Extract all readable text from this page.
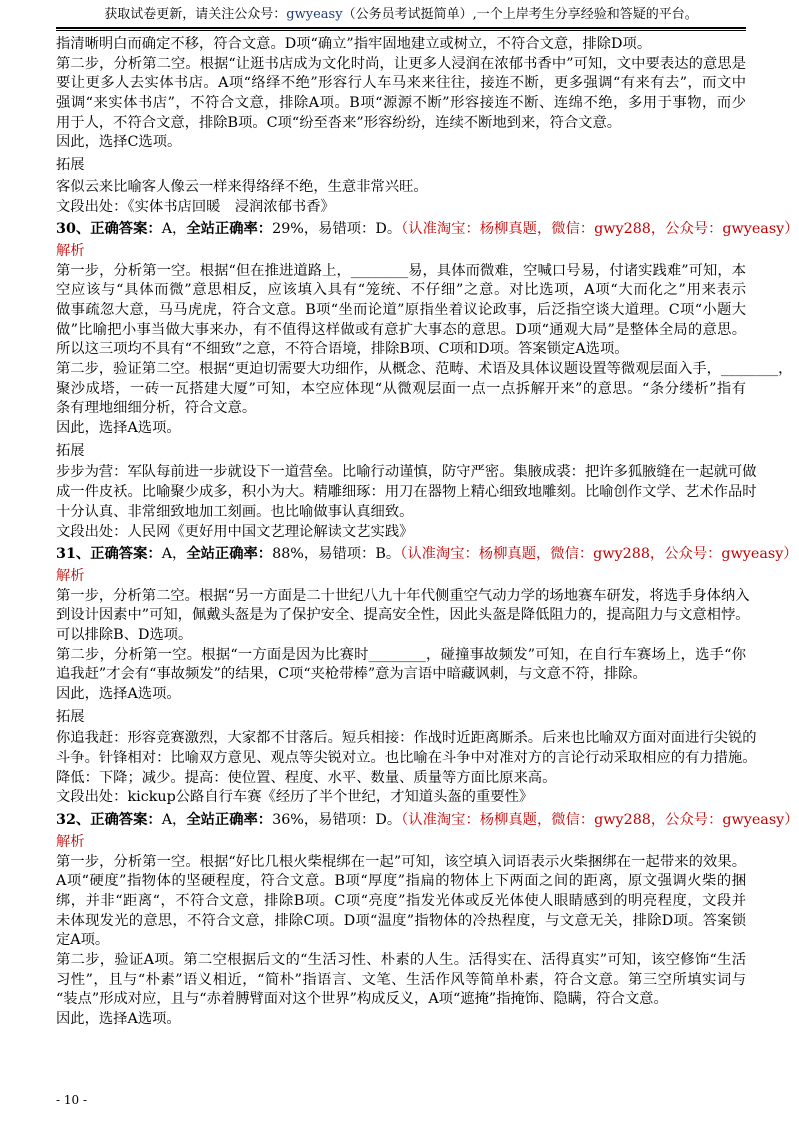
获取试卷更新，请关注公众号：gwyeasy（公务员考试挺简单）,一个上岸考生分享经验和答疑的平台。
指清晰明白而确定不移，符合文意。D项“确立”指牢固地建立或树立，不符合文意，排除D项。
第二步，分析第二空。根据“让逛书店成为文化时尚，让更多人浸润在浓郁书香中”可知，文中要表达的意思是
要让更多人去实体书店。A项“络绎不绝”形容行人车马来来往往，接连不断，更多强调“有来有去”，而文中
强调“来实体书店”，不符合文意，排除A项。B项“源源不断”形容接连不断、连绵不绝，多用于事物，而少
用于人，不符合文意，排除B项。C项“纷至沓来”形容纷纷，连续不断地到来，符合文意。
因此，选择C选项。
拓展
客似云来比喻客人像云一样来得络绎不绝，生意非常兴旺。
文段出处：《实体书店回暖　浸润浓郁书香》
30、正确答案：A，全站正确率：29%，易错项：D。（认准淘宝：杨柳真题，微信：gwy288，公众号：gwyeasy）
解析
第一步，分析第一空。根据“但在推进道路上，________易，具体而微难，空喊口号易，付诸实践难”可知，本
空应该与“具体而微”意思相反，应该填入具有“笼统、不仔细”之意。对比选项，A项“大而化之”用来表示
做事疏忽大意，马马虎虎，符合文意。B项“坐而论道”原指坐着议论政事，后泛指空谈大道理。C项“小题大
做”比喻把小事当做大事来办，有不值得这样做或有意扩大事态的意思。D项“通观大局”是整体全局的意思。
所以这三项均不具有“不细致”之意，不符合语境，排除B项、C项和D项。答案锁定A选项。
第二步，验证第二空。根据“更迫切需要大功细作，从概念、范畴、术语及具体议题设置等微观层面入手，________，
聚沙成塔，一砖一瓦搭建大厦”可知，本空应体现“从微观层面一点一点拆解开来”的意思。“条分缕析”指有
条有理地细细分析，符合文意。
因此，选择A选项。
拓展
步步为营：军队每前进一步就设下一道营垒。比喻行动谨慎，防守严密。集腋成裘：把许多狐腋缝在一起就可做
成一件皮袄。比喻聚少成多，积小为大。精雕细琢：用刀在器物上精心细致地雕刻。比喻创作文学、艺术作品时
十分认真、非常细致地加工刻画。也比喻做事认真细致。
文段出处：人民网《更好用中国文艺理论解读文艺实践》
31、正确答案：A，全站正确率：88%，易错项：B。（认准淘宝：杨柳真题，微信：gwy288，公众号：gwyeasy）
解析
第一步，分析第二空。根据“另一方面是二十世纪八九十年代侧重空气动力学的场地赛车研发，将选手身体纳入
到设计因素中”可知，佩戴头盔是为了保护安全、提高安全性，因此头盔是降低阻力的，提高阻力与文意相悖。
可以排除B、D选项。
第二步，分析第一空。根据“一方面是因为比赛时________，碰撞事故频发”可知，在自行车赛场上，选手“你
追我赶”才会有“事故频发”的结果，C项“夹枪带棒”意为言语中暗藏讽刺，与文意不符，排除。
因此，选择A选项。
拓展
你追我赶：形容竞赛激烈，大家都不甘落后。短兵相接：作战时近距离厮杀。后来也比喻双方面对面进行尖锐的
斗争。针锋相对：比喻双方意见、观点等尖锐对立。也比喻在斗争中对准对方的言论行动采取相应的有力措施。
降低：下降；减少。提高：使位置、程度、水平、数量、质量等方面比原来高。
文段出处：kickup公路自行车赛《经历了半个世纪，才知道头盔的重要性》
32、正确答案：A，全站正确率：36%，易错项：D。（认准淘宝：杨柳真题，微信：gwy288，公众号：gwyeasy）
解析
第一步，分析第一空。根据“好比几根火柴棍绑在一起”可知，该空填入词语表示火柴捆绑在一起带来的效果。
A项“硬度”指物体的坚硬程度，符合文意。B项“厚度”指扁的物体上下两面之间的距离，原文强调火柴的捆
绑，并非“距离“，不符合文意，排除B项。C项“亮度”指发光体或反光体使人眼睛感到的明亮程度，文段并
未体现发光的意思，不符合文意，排除C项。D项“温度”指物体的冷热程度，与文意无关，排除D项。答案锁
定A项。
第二步，验证A项。第二空根据后文的“生活习性、朴素的人生。活得实在、活得真实”可知，该空修饰“生活
习性”，且与“朴素”语义相近，“简朴”指语言、文笔、生活作风等简单朴素，符合文意。第三空所填实词与
“装点”形成对应，且与“赤着膊臂面对这个世界”构成反义，A项“遮掩”指掩饰、隐瞒，符合文意。
因此，选择A选项。
- 10 -
